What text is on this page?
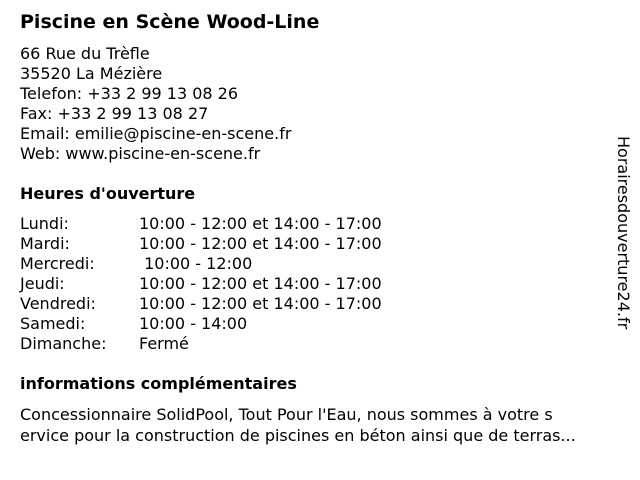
Piscine en Scène Wood-Line
66 Rue du Trèfle
35520 La Mézière
Telefon: +33 2 99 13 08 26
Fax: +33 2 99 13 08 27
Email: emilie@piscine-en-scene.fr
Web: www.piscine-en-scene.fr
Heures d'ouverture
Lundi:	10:00 - 12:00 et 14:00 - 17:00
Mardi:	10:00 - 12:00 et 14:00 - 17:00
Mercredi:	10:00 - 12:00
Jeudi:	10:00 - 12:00 et 14:00 - 17:00
Vendredi:	10:00 - 12:00 et 14:00 - 17:00
Samedi:	10:00 - 14:00
Dimanche: Fermé
informations complémentaires
Concessionnaire SolidPool, Tout Pour l'Eau, nous sommes à votre s
ervice pour la construction de piscines en béton ainsi que de terras...
Horairesdouverture24.fr
